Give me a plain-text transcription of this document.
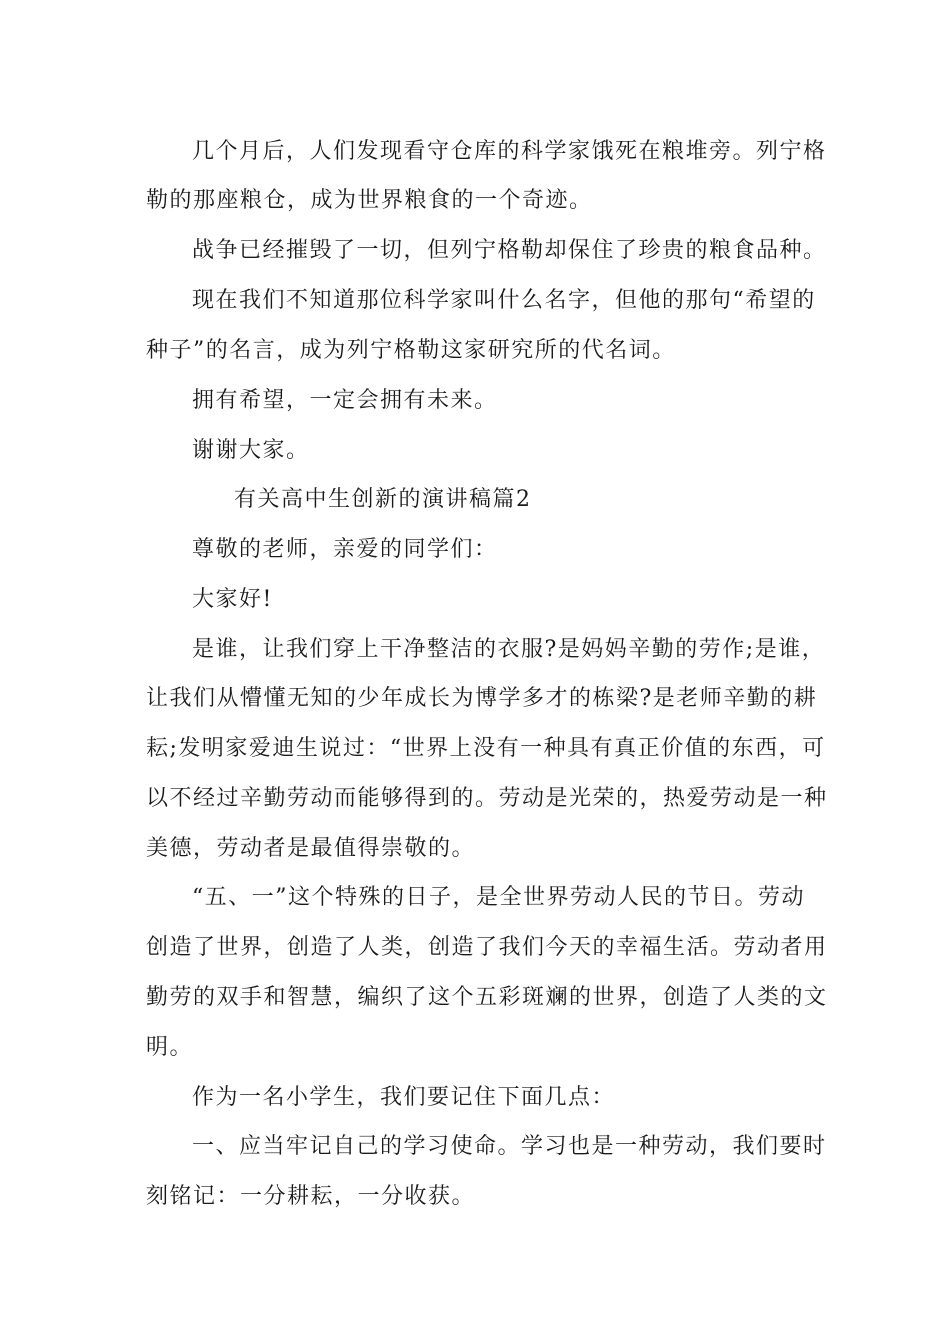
几个月后，人们发现看守仓库的科学家饿死在粮堆旁。列宁格
勒的那座粮仓，成为世界粮食的一个奇迹。
战争已经摧毁了一切，但列宁格勒却保住了珍贵的粮食品种。
现在我们不知道那位科学家叫什么名字，但他的那句“希望的
种子”的名言，成为列宁格勒这家研究所的代名词。
拥有希望，一定会拥有未来。
谢谢大家。
有关高中生创新的演讲稿篇2
尊敬的老师，亲爱的同学们：
大家好!
是谁，让我们穿上干净整洁的衣服?是妈妈辛勤的劳作;是谁，
让我们从懵懂无知的少年成长为博学多才的栋梁?是老师辛勤的耕
耘;发明家爱迪生说过：“世界上没有一种具有真正价值的东西，可
以不经过辛勤劳动而能够得到的。劳动是光荣的，热爱劳动是一种
美德，劳动者是最值得崇敬的。
“五、一”这个特殊的日子，是全世界劳动人民的节日。劳动
创造了世界，创造了人类，创造了我们今天的幸福生活。劳动者用
勤劳的双手和智慧，编织了这个五彩斑斓的世界，创造了人类的文
明。
作为一名小学生，我们要记住下面几点：
一、应当牢记自己的学习使命。学习也是一种劳动，我们要时
刻铭记：一分耕耘，一分收获。
